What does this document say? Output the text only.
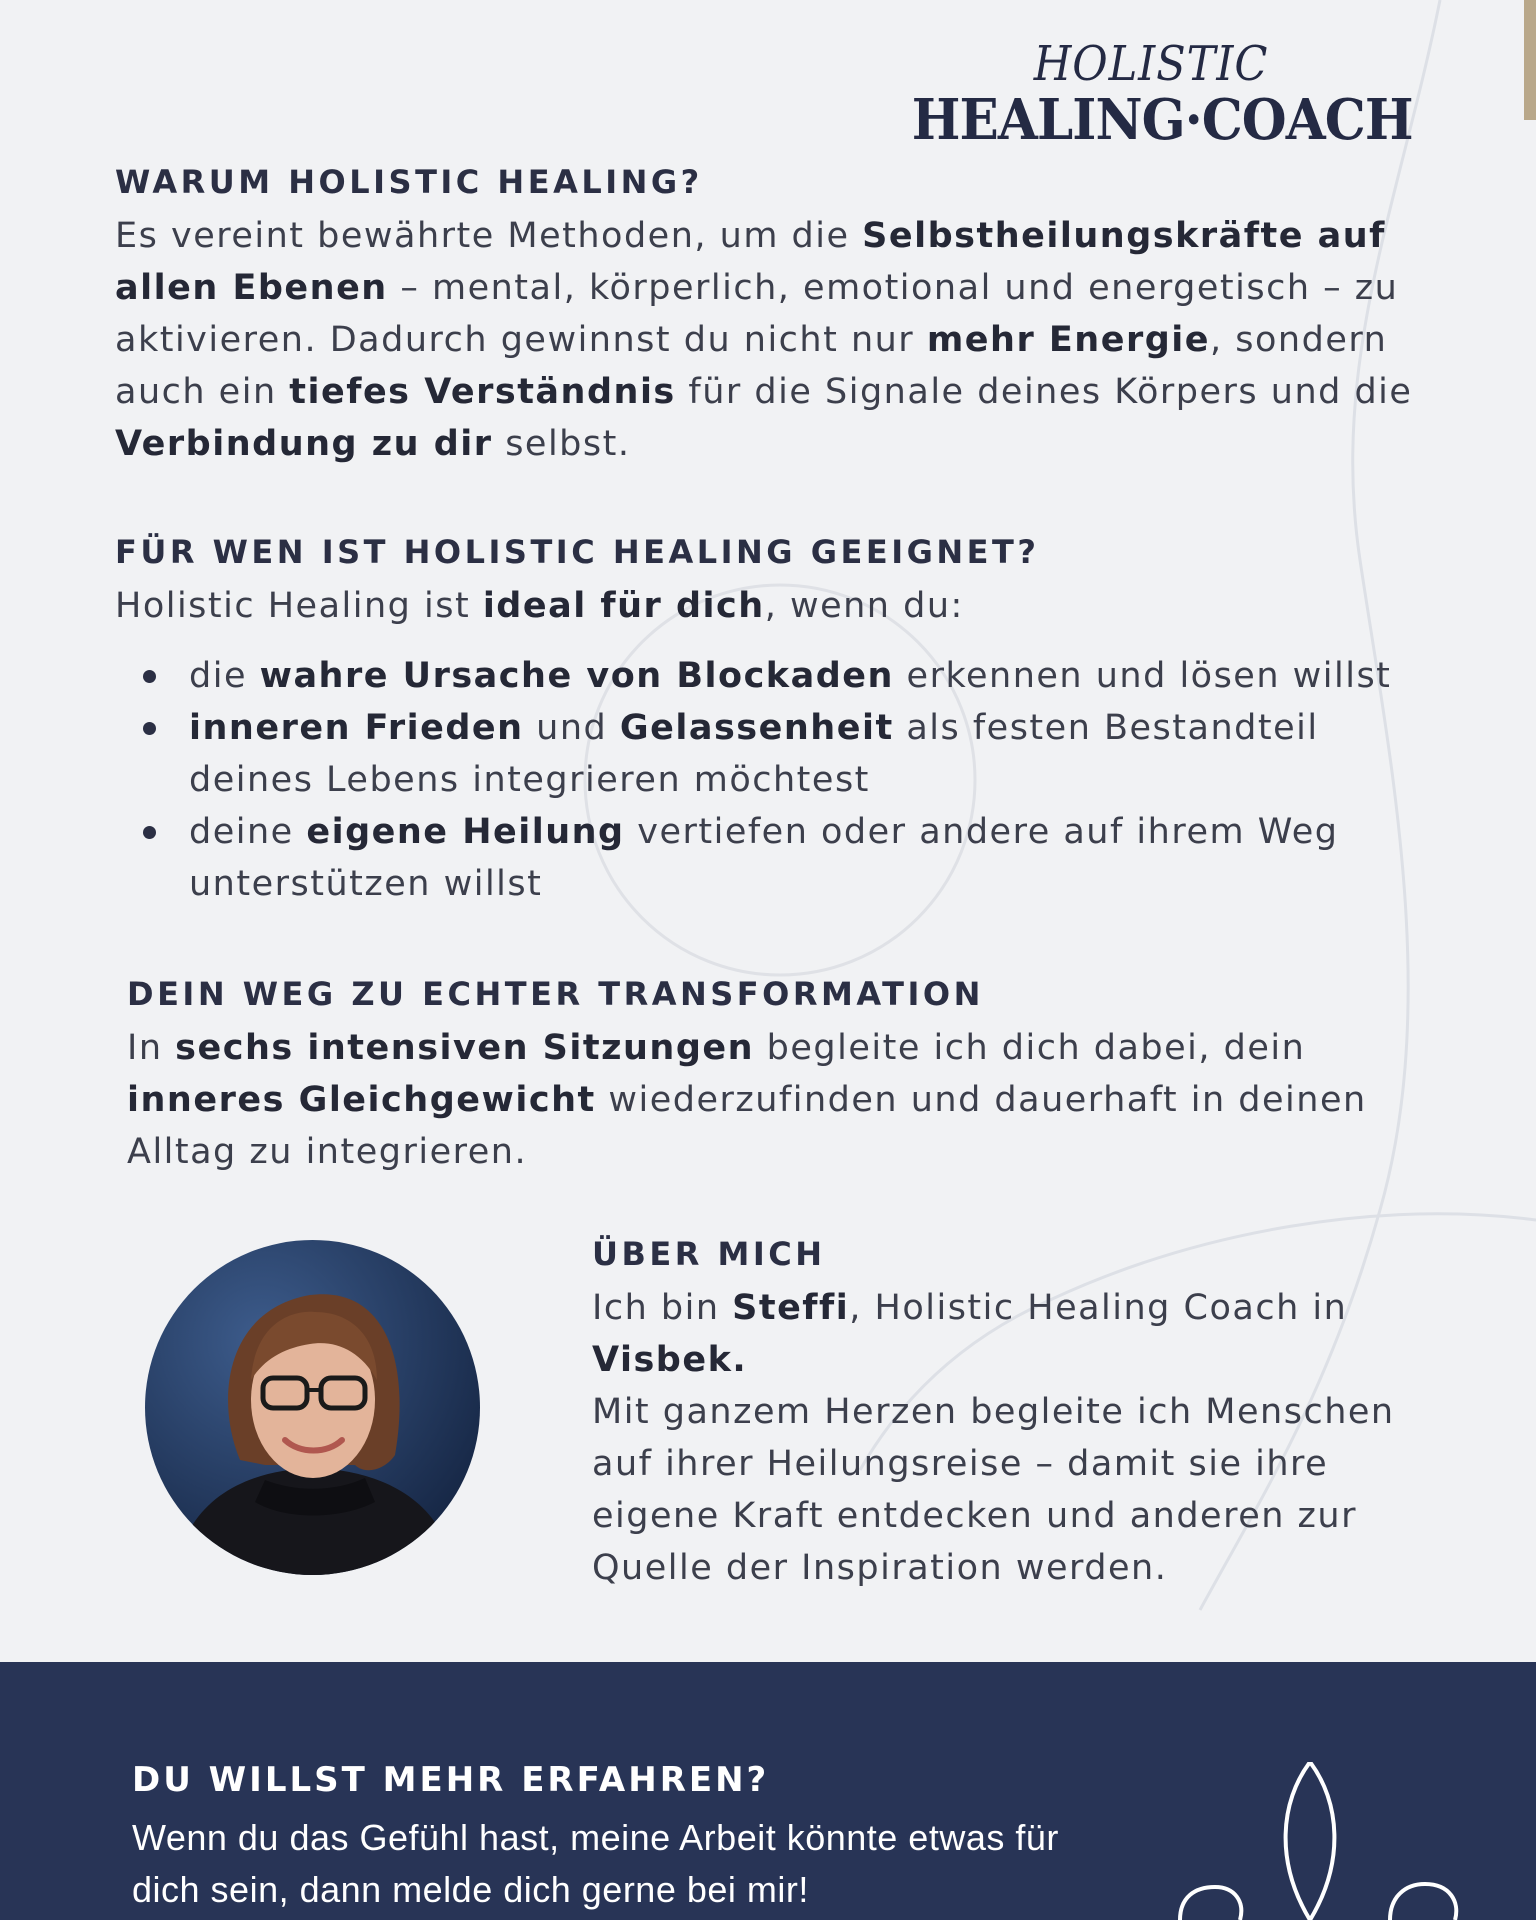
HOLISTIC
HEALING·COACH
WARUM HOLISTIC HEALING?

Es vereint bewährte Methoden, um die Selbstheilungskräfte auf allen Ebenen – mental, körperlich, emotional und energetisch – zu aktivieren. Dadurch gewinnst du nicht nur mehr Energie, sondern auch ein tiefes Verständnis für die Signale deines Körpers und die Verbindung zu dir selbst.

FÜR WEN IST HOLISTIC HEALING GEEIGNET?

Holistic Healing ist ideal für dich, wenn du:

die wahre Ursache von Blockaden erkennen und lösen willst
inneren Frieden und Gelassenheit als festen Bestandteil deines Lebens integrieren möchtest
deine eigene Heilung vertiefen oder andere auf ihrem Weg unterstützen willst
DEIN WEG ZU ECHTER TRANSFORMATION

In sechs intensiven Sitzungen begleite ich dich dabei, dein inneres Gleichgewicht wiederzufinden und dauerhaft in deinen Alltag zu integrieren.

ÜBER MICH

Ich bin Steffi, Holistic Healing Coach in Visbek.

Mit ganzem Herzen begleite ich Menschen auf ihrer Heilungsreise – damit sie ihre eigene Kraft entdecken und anderen zur Quelle der Inspiration werden.

DU WILLST MEHR ERFAHREN?
Wenn du das Gefühl hast, meine Arbeit könnte etwas für dich sein, dann melde dich gerne bei mir!
